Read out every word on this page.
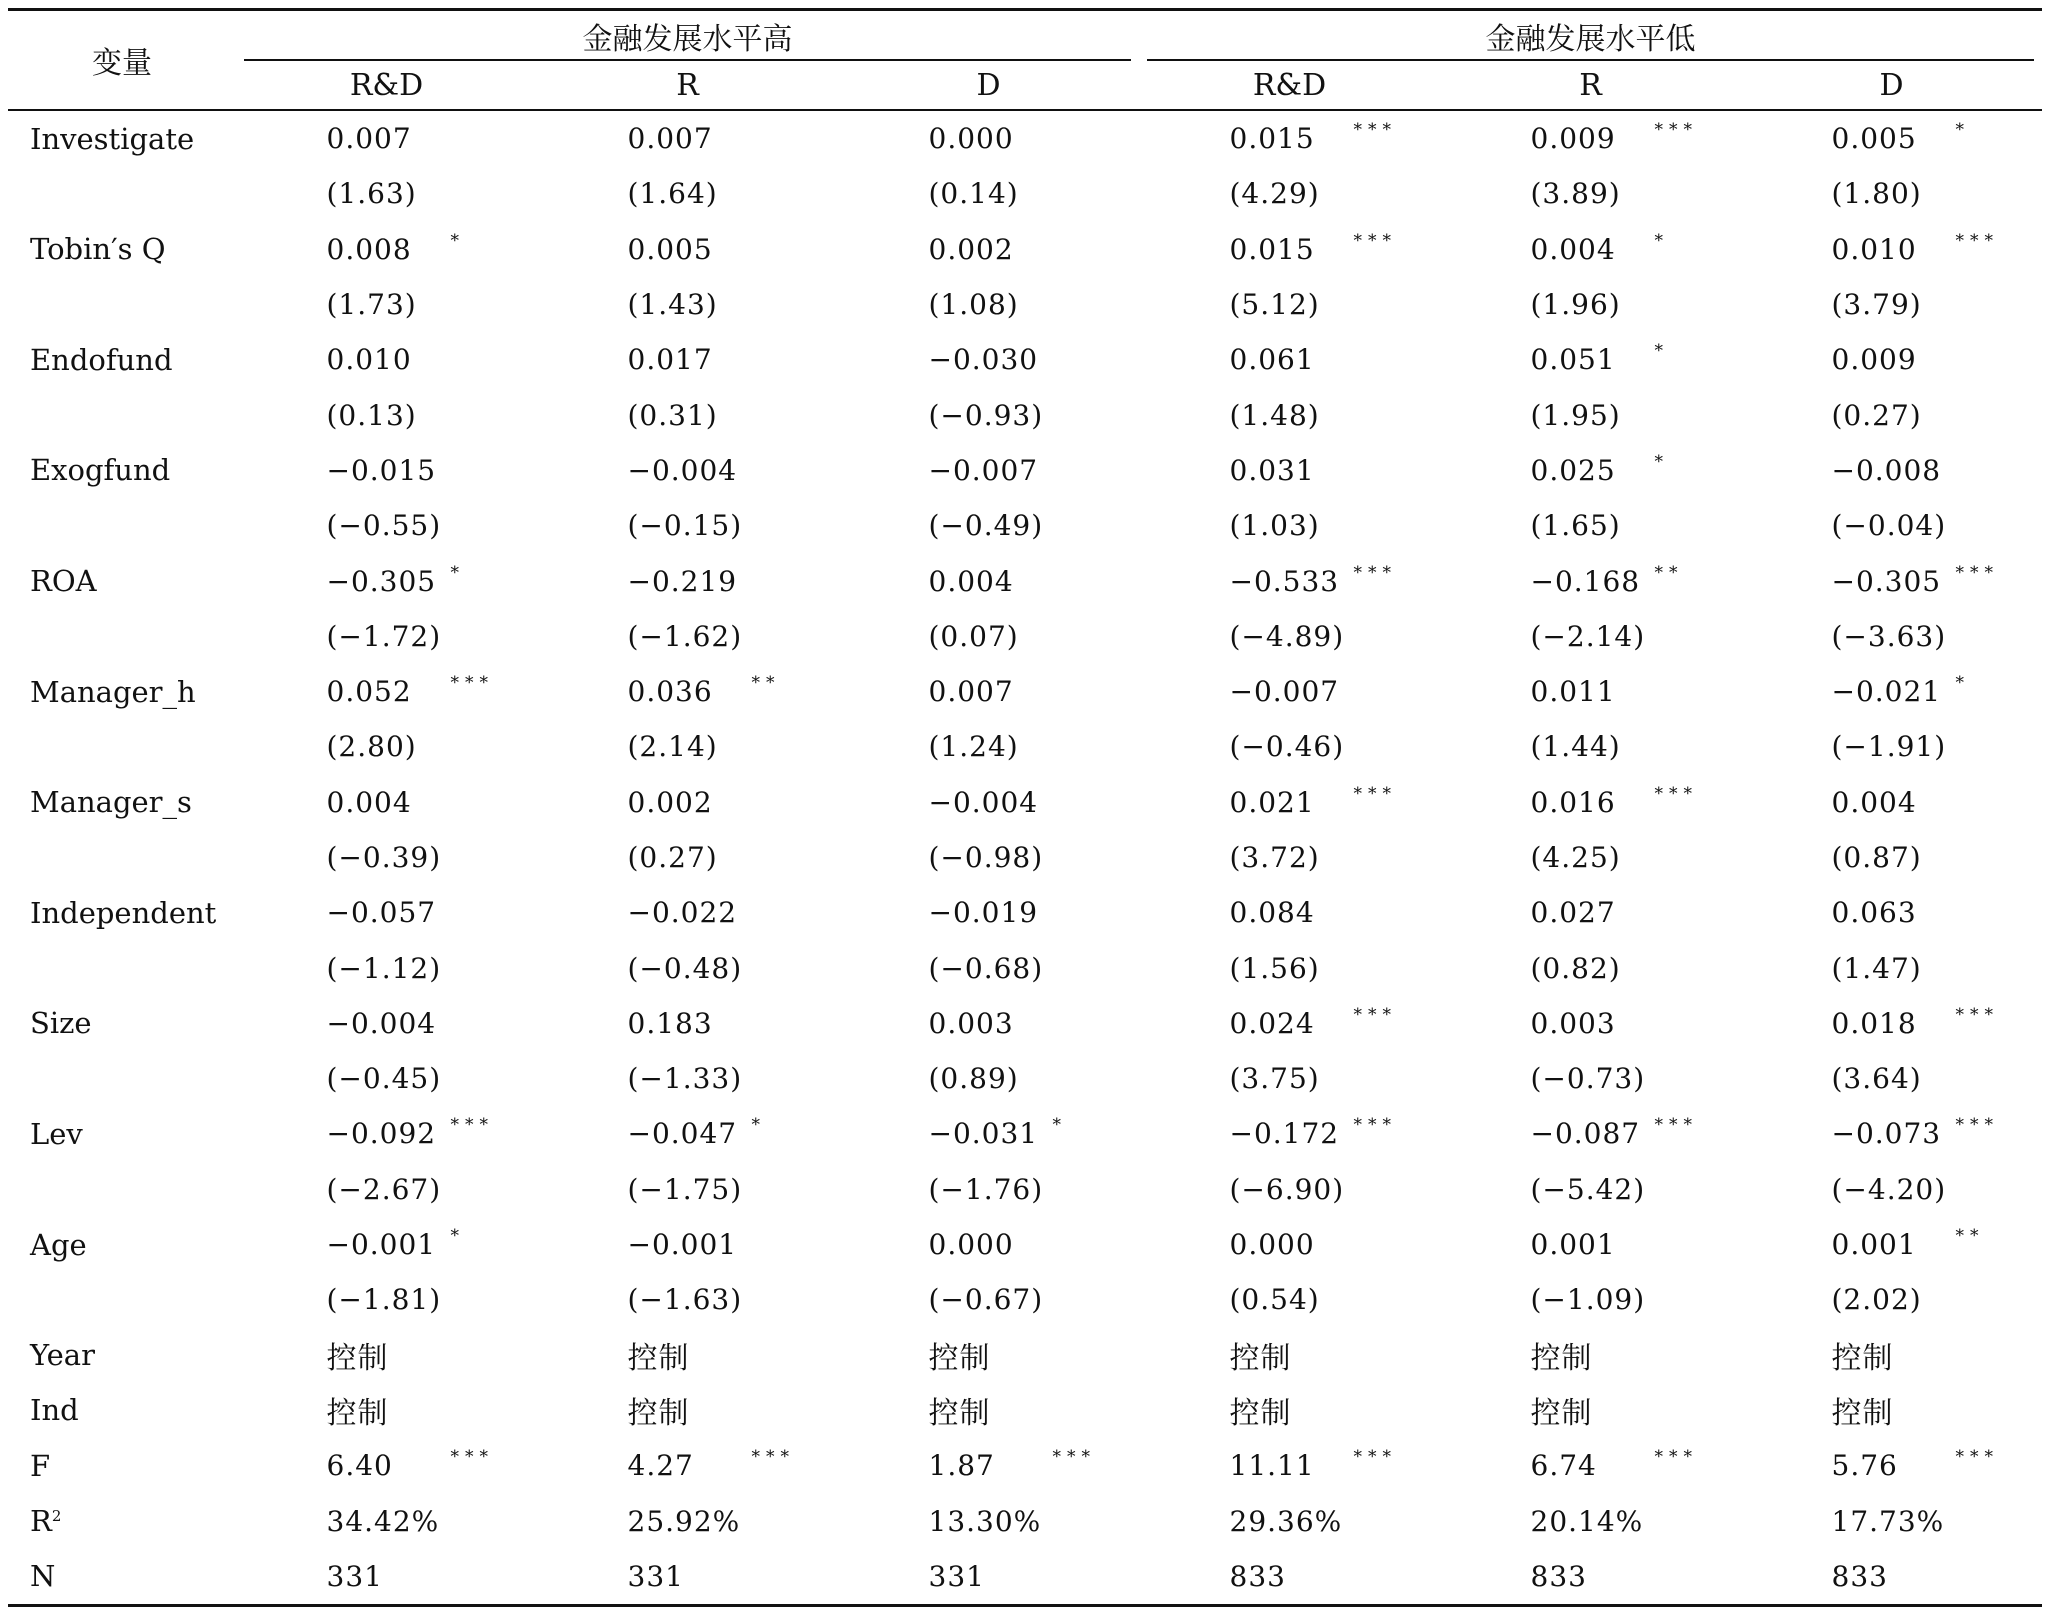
变量	金融发展水平高			金融发展水平低		
	R&D	R	D	R&D	R	D
Investigate	0.007	0.007	0.000	0.015 ***	0.009 ***	0.005 *

	(1.63)	(1.64)	(0.14)	(4.29)	(3.89)	(1.80)
Tobin′s Q	0.008 *	0.005	0.002	0.015 ***	0.004 *	0.010 ***

	(1.73)	(1.43)	(1.08)	(5.12)	(1.96)	(3.79)
Endofund	0.010	0.017	−0.030	0.061	0.051 *	0.009
	(0.13)	(0.31)	(−0.93)	(1.48)	(1.95)	(0.27)
Exogfund	−0.015	−0.004	−0.007	0.031	0.025 *	−0.008
	(−0.55)	(−0.15)	(−0.49)	(1.03)	(1.65)	(−0.04)
ROA	−0.305 *	−0.219	0.004	−0.533 ***	−0.168 **	−0.305 ***

	(−1.72)	(−1.62)	(0.07)	(−4.89)	(−2.14)	(−3.63)
Manager_h	0.052 ***	0.036 **	0.007	−0.007	0.011	−0.021 *

	(2.80)	(2.14)	(1.24)	(−0.46)	(1.44)	(−1.91)
Manager_s	0.004	0.002	−0.004	0.021 ***	0.016 ***	0.004
	(−0.39)	(0.27)	(−0.98)	(3.72)	(4.25)	(0.87)
Independent	−0.057	−0.022	−0.019	0.084	0.027	0.063
	(−1.12)	(−0.48)	(−0.68)	(1.56)	(0.82)	(1.47)
Size	−0.004	0.183	0.003	0.024 ***	0.003	0.018 ***

	(−0.45)	(−1.33)	(0.89)	(3.75)	(−0.73)	(3.64)
Lev	−0.092 ***	−0.047 *	−0.031 *	−0.172 ***	−0.087 ***	−0.073 ***

	(−2.67)	(−1.75)	(−1.76)	(−6.90)	(−5.42)	(−4.20)
Age	−0.001 *	−0.001	0.000	0.000	0.001	0.001 **

	(−1.81)	(−1.63)	(−0.67)	(0.54)	(−1.09)	(2.02)
Year	控制	控制	控制	控制	控制	控制
Ind	控制	控制	控制	控制	控制	控制
F	6.40 ***	4.27 ***	1.87 ***	11.11 ***	6.74 ***	5.76 ***

$R^2$	34.42%	25.92%	13.30%	29.36%	20.14%	17.73%
N	331	331	331	833	833	833
